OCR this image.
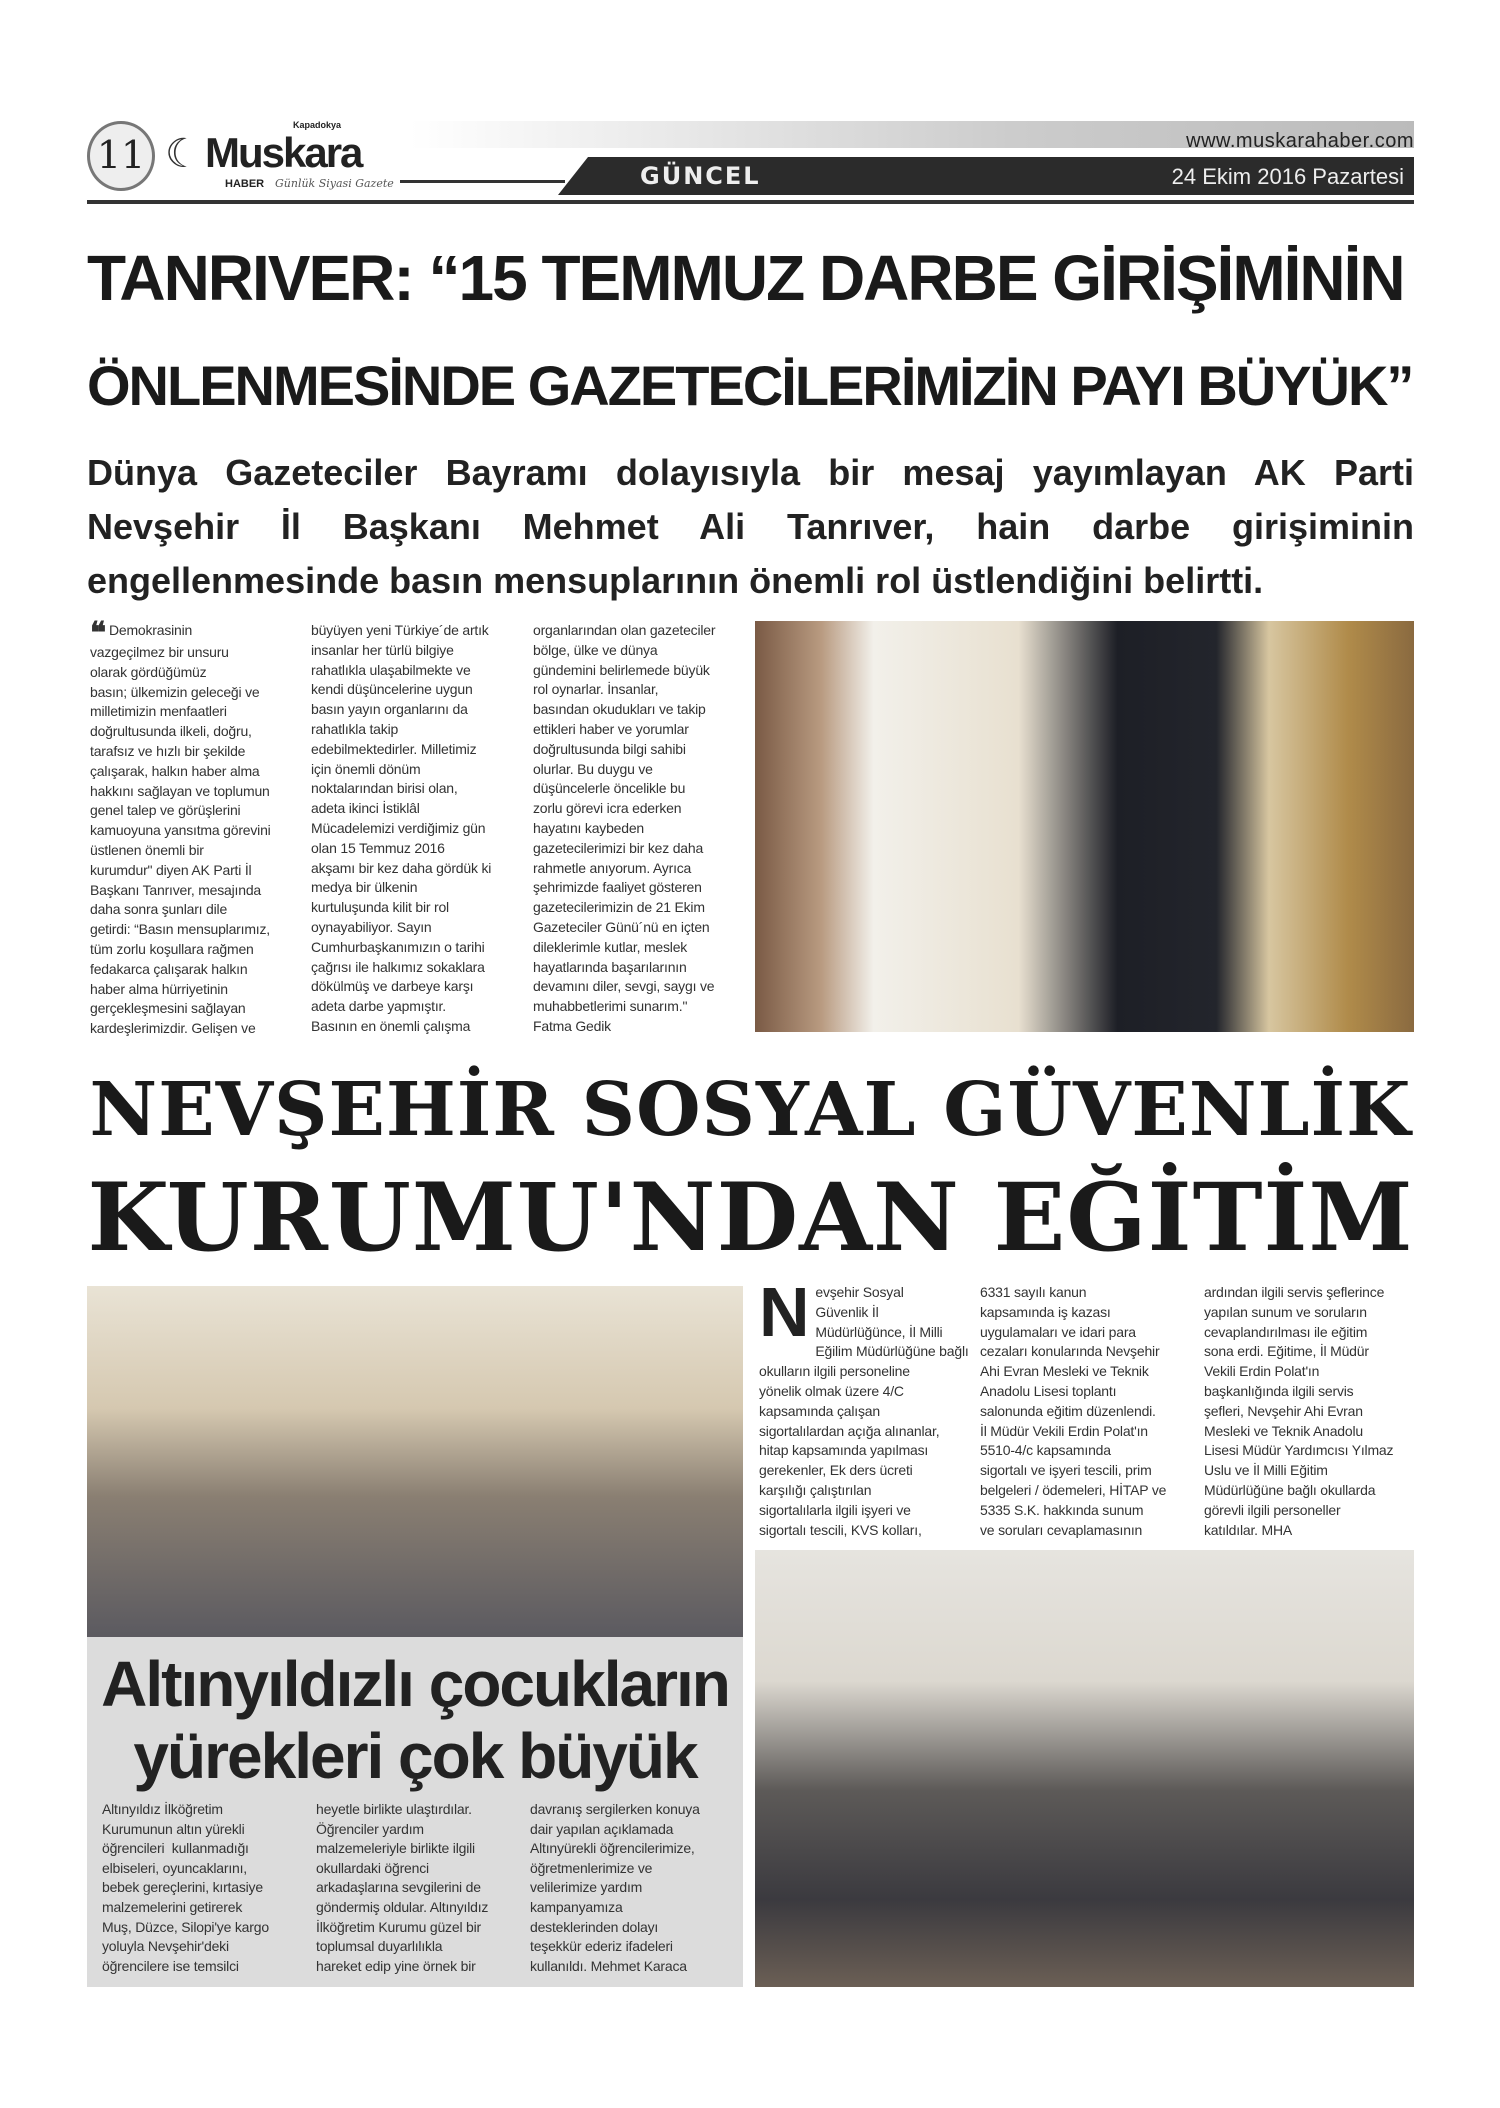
11 ☾
Kapadokya
Muskara
HABER Günlük Siyasi Gazete
www.muskarahaber.com
GÜNCEL	24 Ekim 2016 Pazartesi
TANRIVER: “15 TEMMUZ DARBE GİRİŞİMİNİN
ÖNLENMESİNDE GAZETECİLERİMİZİN PAYI BÜYÜK”
Dünya Gazeteciler Bayramı dolayısıyla bir mesaj yayımlayan AK Parti Nevşehir İl Başkanı Mehmet Ali Tanrıver, hain darbe girişiminin engellenmesinde basın mensuplarının önemli rol üstlendiğini belirtti.
❝ Demokrasinin
vazgeçilmez bir unsuru
olarak gördüğümüz
basın; ülkemizin geleceği ve
milletimizin menfaatleri
doğrultusunda ilkeli, doğru,
tarafsız ve hızlı bir şekilde
çalışarak, halkın haber alma
hakkını sağlayan ve toplumun
genel talep ve görüşlerini
kamuoyuna yansıtma görevini
üstlenen önemli bir
kurumdur" diyen AK Parti İl
Başkanı Tanrıver, mesajında
daha sonra şunları dile
getirdi: “Basın mensuplarımız,
tüm zorlu koşullara rağmen
fedakarca çalışarak halkın
haber alma hürriyetinin
gerçekleşmesini sağlayan
kardeşlerimizdir. Gelişen ve
büyüyen yeni Türkiye´de artık
insanlar her türlü bilgiye
rahatlıkla ulaşabilmekte ve
kendi düşüncelerine uygun
basın yayın organlarını da
rahatlıkla takip
edebilmektedirler. Milletimiz
için önemli dönüm
noktalarından birisi olan,
adeta ikinci İstiklâl
Mücadelemizi verdiğimiz gün
olan 15 Temmuz 2016
akşamı bir kez daha gördük ki
medya bir ülkenin
kurtuluşunda kilit bir rol
oynayabiliyor. Sayın
Cumhurbaşkanımızın o tarihi
çağrısı ile halkımız sokaklara
dökülmüş ve darbeye karşı
adeta darbe yapmıştır.
Basının en önemli çalışma
organlarından olan gazeteciler
bölge, ülke ve dünya
gündemini belirlemede büyük
rol oynarlar. İnsanlar,
basından okudukları ve takip
ettikleri haber ve yorumlar
doğrultusunda bilgi sahibi
olurlar. Bu duygu ve
düşüncelerle öncelikle bu
zorlu görevi icra ederken
hayatını kaybeden
gazetecilerimizi bir kez daha
rahmetle anıyorum. Ayrıca
şehrimizde faaliyet gösteren
gazetecilerimizin de 21 Ekim
Gazeteciler Günü´nü en içten
dileklerimle kutlar, meslek
hayatlarında başarılarının
devamını diler, sevgi, saygı ve
muhabbetlerimi sunarım."
Fatma Gedik
NEVŞEHİR SOSYAL GÜVENLİK
KURUMU'NDAN EĞİTİM
Nevşehir Sosyal
Güvenlik İl
Müdürlüğünce, İl Milli
Eğilim Müdürlüğüne bağlı
okulların ilgili personeline
yönelik olmak üzere 4/C
kapsamında çalışan
sigortalılardan açığa alınanlar,
hitap kapsamında yapılması
gerekenler, Ek ders ücreti
karşılığı çalıştırılan
sigortalılarla ilgili işyeri ve
sigortalı tescili, KVS kolları,
6331 sayılı kanun
kapsamında iş kazası
uygulamaları ve idari para
cezaları konularında Nevşehir
Ahi Evran Mesleki ve Teknik
Anadolu Lisesi toplantı
salonunda eğitim düzenlendi.
İl Müdür Vekili Erdin Polat'ın
5510-4/c kapsamında
sigortalı ve işyeri tescili, prim
belgeleri / ödemeleri, HİTAP ve
5335 S.K. hakkında sunum
ve soruları cevaplamasının
ardından ilgili servis şeflerince
yapılan sunum ve soruların
cevaplandırılması ile eğitim
sona erdi. Eğitime, İl Müdür
Vekili Erdin Polat'ın
başkanlığında ilgili servis
şefleri, Nevşehir Ahi Evran
Mesleki ve Teknik Anadolu
Lisesi Müdür Yardımcısı Yılmaz
Uslu ve İl Milli Eğitim
Müdürlüğüne bağlı okullarda
görevli ilgili personeller
katıldılar. MHA
Altınyıldızlı çocukların
yürekleri çok büyük
Altınyıldız İlköğretim
Kurumunun altın yürekli
öğrencileri  kullanmadığı
elbiseleri, oyuncaklarını,
bebek gereçlerini, kırtasiye
malzemelerini getirerek
Muş, Düzce, Silopi'ye kargo
yoluyla Nevşehir'deki
öğrencilere ise temsilci
heyetle birlikte ulaştırdılar.
Öğrenciler yardım
malzemeleriyle birlikte ilgili
okullardaki öğrenci
arkadaşlarına sevgilerini de
göndermiş oldular. Altınyıldız
İlköğretim Kurumu güzel bir
toplumsal duyarlılıkla
hareket edip yine örnek bir
davranış sergilerken konuya
dair yapılan açıklamada
Altınyürekli öğrencilerimize,
öğretmenlerimize ve
velilerimize yardım
kampanyamıza
desteklerinden dolayı
teşekkür ederiz ifadeleri
kullanıldı. Mehmet Karaca
